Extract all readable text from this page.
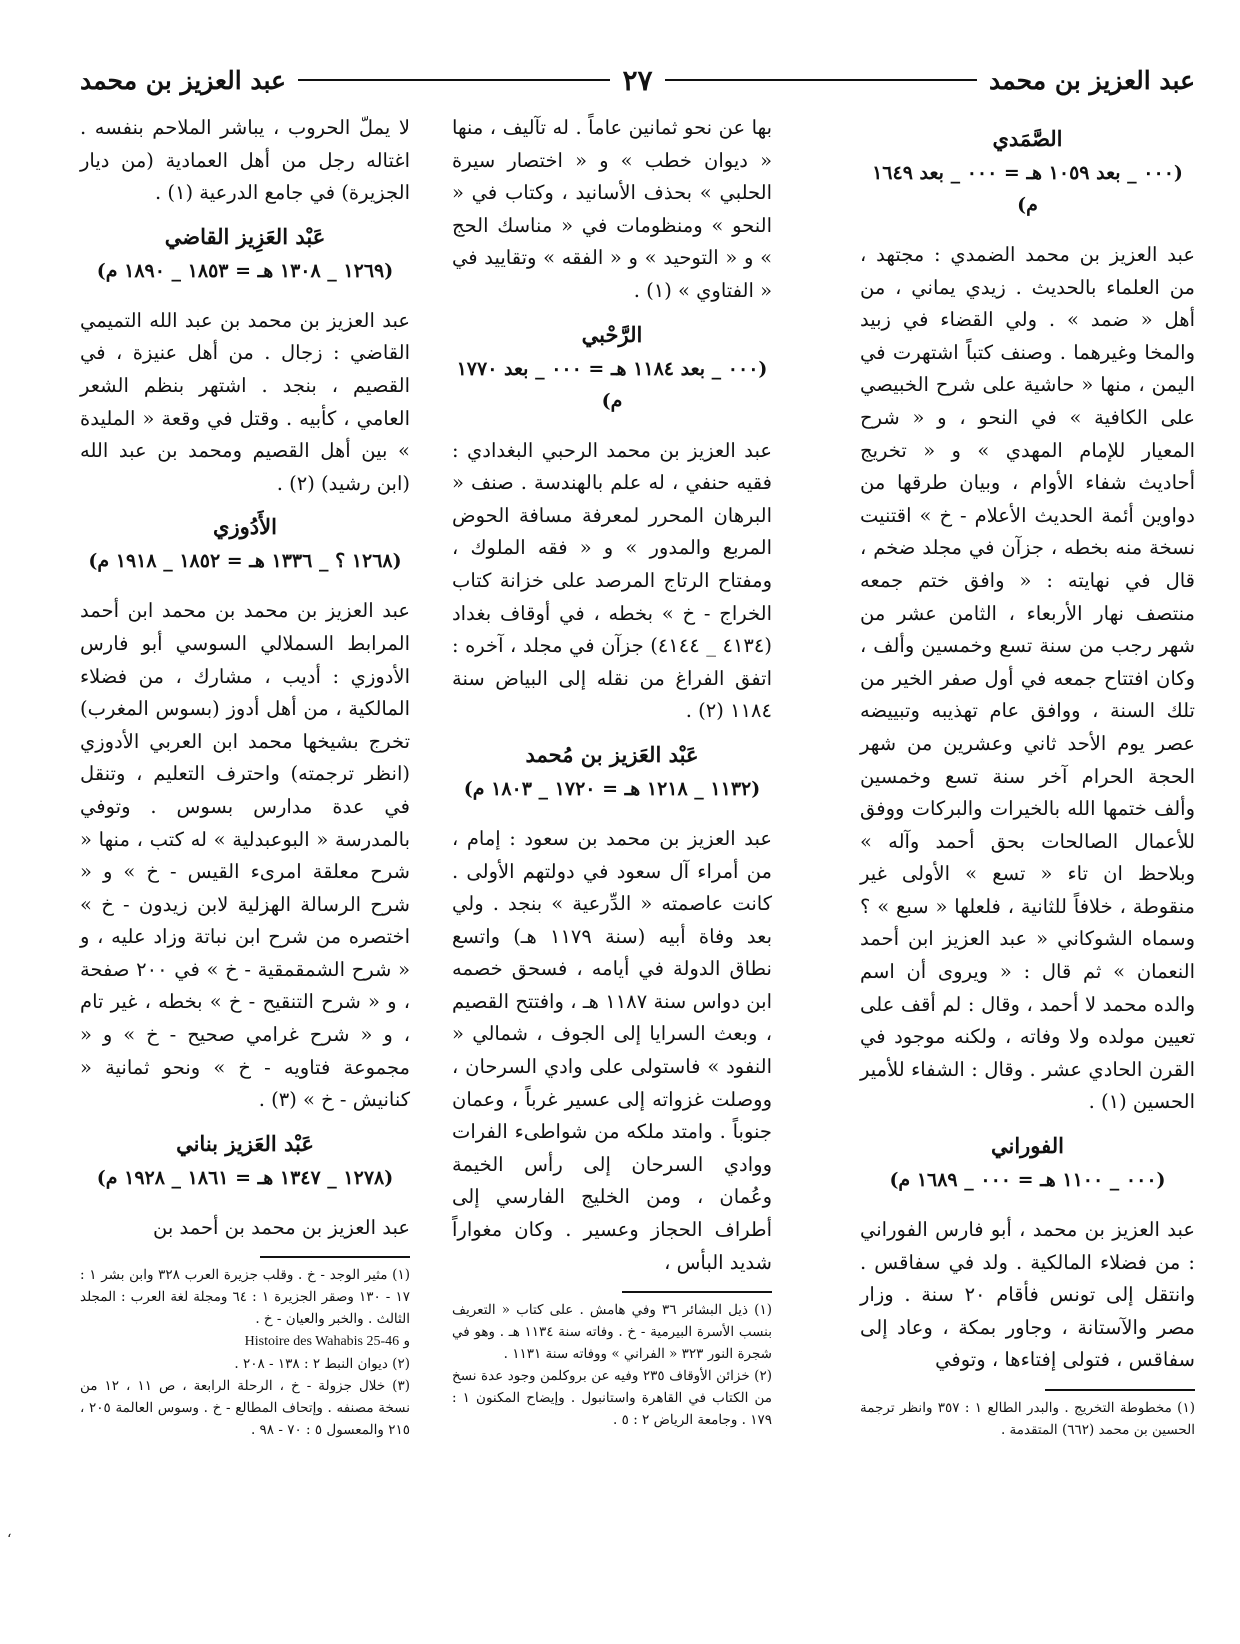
عبد العزيز بن محمد
٢٧
عبد العزيز بن محمد
الصَّمَدي
(٠٠٠ _ بعد ١٠٥٩ هـ = ٠٠٠ _ بعد ١٦٤٩ م)

عبد العزيز بن محمد الضمدي : مجتهد ، من العلماء بالحديث . زيدي يماني ، من أهل « ضمد » . ولي القضاء في زبيد والمخا وغيرهما . وصنف كتباً اشتهرت في اليمن ، منها « حاشية على شرح الخبيصي على الكافية » في النحو ، و « شرح المعيار للإمام المهدي » و « تخريج أحاديث شفاء الأوام ، وبيان طرقها من دواوين أئمة الحديث الأعلام - خ » اقتنيت نسخة منه بخطه ، جزآن في مجلد ضخم ، قال في نهايته : « وافق ختم جمعه منتصف نهار الأربعاء ، الثامن عشر من شهر رجب من سنة تسع وخمسين وألف ، وكان افتتاح جمعه في أول صفر الخير من تلك السنة ، ووافق عام تهذيبه وتبييضه عصر يوم الأحد ثاني وعشرين من شهر الحجة الحرام آخر سنة تسع وخمسين وألف ختمها الله بالخيرات والبركات ووفق للأعمال الصالحات بحق أحمد وآله » وبلاحظ ان تاء « تسع » الأولى غير منقوطة ، خلافاً للثانية ، فلعلها « سبع » ؟ وسماه الشوكاني « عبد العزيز ابن أحمد النعمان » ثم قال : « ويروى أن اسم والده محمد لا أحمد ، وقال : لم أقف على تعيين مولده ولا وفاته ، ولكنه موجود في القرن الحادي عشر . وقال : الشفاء للأمير الحسين (١) .

الفوراني
(٠٠٠ _ ١١٠٠ هـ = ٠٠٠ _ ١٦٨٩ م)

عبد العزيز بن محمد ، أبو فارس الفوراني : من فضلاء المالكية . ولد في سفاقس . وانتقل إلى تونس فأقام ٢٠ سنة . وزار مصر والآستانة ، وجاور بمكة ، وعاد إلى سفاقس ، فتولى إفتاءها ، وتوفي

(١) مخطوطة التخريج . والبدر الطالع ١ : ٣٥٧ وانظر ترجمة الحسين بن محمد (٦٦٢) المتقدمة .

بها عن نحو ثمانين عاماً . له تآليف ، منها « ديوان خطب » و « اختصار سيرة الحلبي » بحذف الأسانيد ، وكتاب في « النحو » ومنظومات في « مناسك الحج » و « التوحيد » و « الفقه » وتقاييد في « الفتاوي » (١) .

الرَّحْبي
(٠٠٠ _ بعد ١١٨٤ هـ = ٠٠٠ _ بعد ١٧٧٠ م)

عبد العزيز بن محمد الرحبي البغدادي : فقيه حنفي ، له علم بالهندسة . صنف « البرهان المحرر لمعرفة مسافة الحوض المربع والمدور » و « فقه الملوك ، ومفتاح الرتاج المرصد على خزانة كتاب الخراج - خ » بخطه ، في أوقاف بغداد (٤١٣٤ _ ٤١٤٤) جزآن في مجلد ، آخره : اتفق الفراغ من نقله إلى البياض سنة ١١٨٤ (٢) .

عَبْد العَزيز بن مُحمد
(١١٣٢ _ ١٢١٨ هـ = ١٧٢٠ _ ١٨٠٣ م)

عبد العزيز بن محمد بن سعود : إمام ، من أمراء آل سعود في دولتهم الأولى . كانت عاصمته « الدِّرعية » بنجد . ولي بعد وفاة أبيه (سنة ١١٧٩ هـ) واتسع نطاق الدولة في أيامه ، فسحق خصمه ابن دواس سنة ١١٨٧ هـ ، وافتتح القصيم ، وبعث السرايا إلى الجوف ، شمالي « النفود » فاستولى على وادي السرحان ، ووصلت غزواته إلى عسير غرباً ، وعمان جنوباً . وامتد ملكه من شواطىء الفرات ووادي السرحان إلى رأس الخيمة وعُمان ، ومن الخليج الفارسي إلى أطراف الحجاز وعسير . وكان مغواراً شديد البأس ،

(١) ذيل البشائر ٣٦ وفي هامش . على كتاب « التعريف بنسب الأسرة البيرمية - خ . وفاته سنة ١١٣٤ هـ . وهو في شجرة النور ٣٢٣ « الفراني » ووفاته سنة ١١٣١ .

(٢) خزائن الأوقاف ٢٣٥ وفيه عن بروكلمن وجود عدة نسخ من الكتاب في القاهرة واستانبول . وإيضاح المكنون ١ : ١٧٩ . وجامعة الرياض ٢ : ٥ .

لا يملّ الحروب ، يباشر الملاحم بنفسه . اغتاله رجل من أهل العمادية (من ديار الجزيرة) في جامع الدرعية (١) .

عَبْد العَزِيز القاضي
(١٢٦٩ _ ١٣٠٨ هـ = ١٨٥٣ _ ١٨٩٠ م)

عبد العزيز بن محمد بن عبد الله التميمي القاضي : زجال . من أهل عنيزة ، في القصيم ، بنجد . اشتهر بنظم الشعر العامي ، كأبيه . وقتل في وقعة « المليدة » بين أهل القصيم ومحمد بن عبد الله (ابن رشيد) (٢) .

الأَدُوزي
(١٢٦٨ ؟ _ ١٣٣٦ هـ = ١٨٥٢ _ ١٩١٨ م)

عبد العزيز بن محمد بن محمد ابن أحمد المرابط السملالي السوسي أبو فارس الأدوزي : أديب ، مشارك ، من فضلاء المالكية ، من أهل أدوز (بسوس المغرب) تخرج بشيخها محمد ابن العربي الأدوزي (انظر ترجمته) واحترف التعليم ، وتنقل في عدة مدارس بسوس . وتوفي بالمدرسة « البوعبدلية » له كتب ، منها « شرح معلقة امرىء القيس - خ » و « شرح الرسالة الهزلية لابن زيدون - خ » اختصره من شرح ابن نباتة وزاد عليه ، و « شرح الشمقمقية - خ » في ٢٠٠ صفحة ، و « شرح التنقيح - خ » بخطه ، غير تام ، و « شرح غرامي صحيح - خ » و « مجموعة فتاويه - خ » ونحو ثمانية « كنانيش - خ » (٣) .

عَبْد العَزيز بناني
(١٢٧٨ _ ١٣٤٧ هـ = ١٨٦١ _ ١٩٢٨ م)

عبد العزيز بن محمد بن أحمد بن

(١) مثير الوجد - خ . وقلب جزيرة العرب ٣٢٨ وابن بشر ١ : ١٧ - ١٣٠ وصقر الجزيرة ١ : ٦٤ ومجلة لغة العرب : المجلد الثالث . والخبر والعيان - خ .

و Histoire des Wahabis 25-46

(٢) ديوان النبط ٢ : ١٣٨ - ٢٠٨ .

(٣) خلال جزولة - خ ، الرحلة الرابعة ، ص ١١ ، ١٢ من نسخة مصنفه . وإتحاف المطالع - خ . وسوس العالمة ٢٠٥ ، ٢١٥ والمعسول ٥ : ٧٠ - ٩٨ .

ʻ
